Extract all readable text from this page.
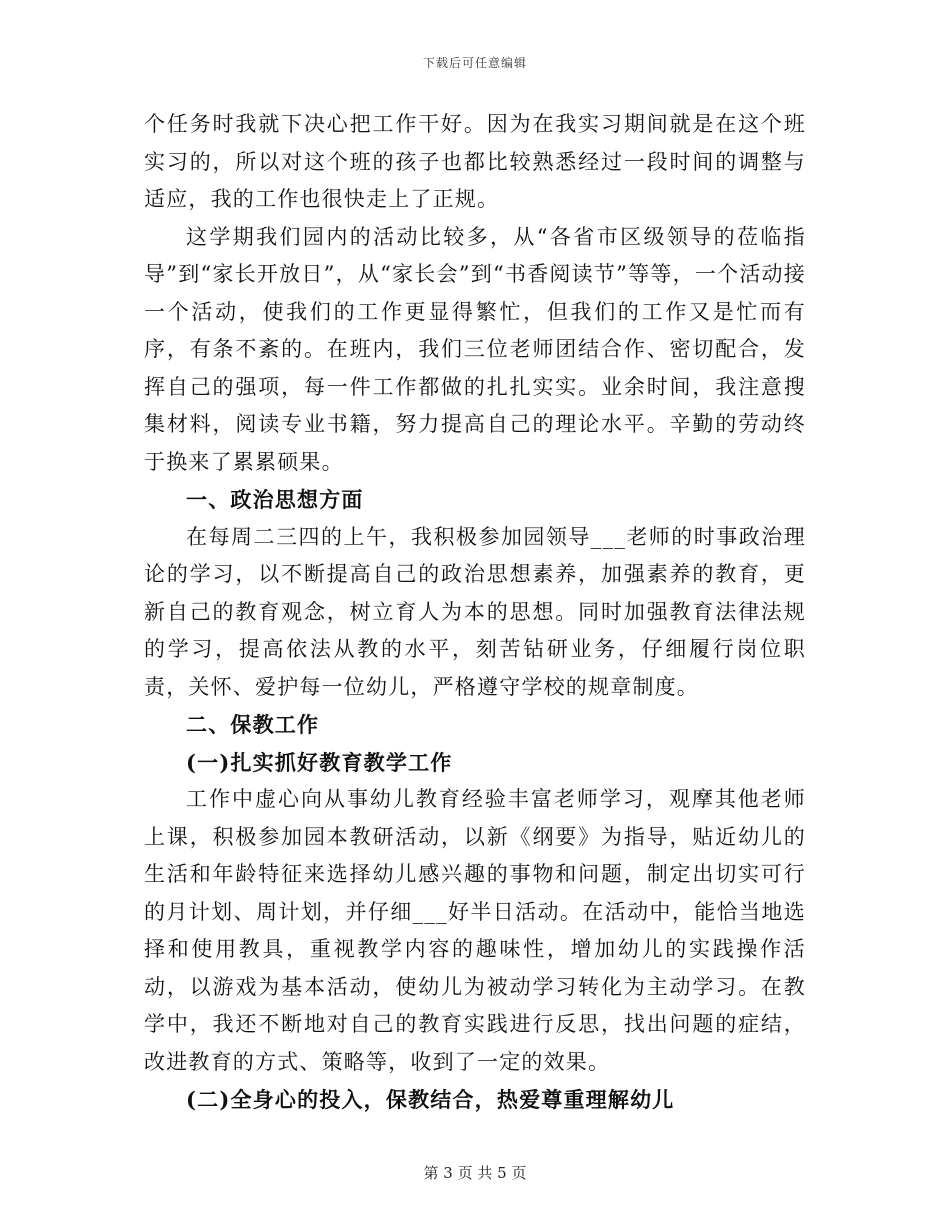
下载后可任意编辑

个任务时我就下决心把工作干好。因为在我实习期间就是在这个班实习的，所以对这个班的孩子也都比较熟悉经过一段时间的调整与适应，我的工作也很快走上了正规。

这学期我们园内的活动比较多，从“各省市区级领导的莅临指导”到“家长开放日”，从“家长会”到“书香阅读节”等等，一个活动接一个活动，使我们的工作更显得繁忙，但我们的工作又是忙而有序，有条不紊的。在班内，我们三位老师团结合作、密切配合，发挥自己的强项，每一件工作都做的扎扎实实。业余时间，我注意搜集材料，阅读专业书籍，努力提高自己的理论水平。辛勤的劳动终于换来了累累硕果。

一、政治思想方面

在每周二三四的上午，我积极参加园领导___老师的时事政治理论的学习，以不断提高自己的政治思想素养，加强素养的教育，更新自己的教育观念，树立育人为本的思想。同时加强教育法律法规的学习，提高依法从教的水平，刻苦钻研业务，仔细履行岗位职责，关怀、爱护每一位幼儿，严格遵守学校的规章制度。

二、保教工作

(一)扎实抓好教育教学工作

工作中虚心向从事幼儿教育经验丰富老师学习，观摩其他老师上课，积极参加园本教研活动，以新《纲要》为指导，贴近幼儿的生活和年龄特征来选择幼儿感兴趣的事物和问题，制定出切实可行的月计划、周计划，并仔细___好半日活动。在活动中，能恰当地选择和使用教具，重视教学内容的趣味性，增加幼儿的实践操作活动，以游戏为基本活动，使幼儿为被动学习转化为主动学习。在教学中，我还不断地对自己的教育实践进行反思，找出问题的症结，改进教育的方式、策略等，收到了一定的效果。

(二)全身心的投入，保教结合，热爱尊重理解幼儿

第 3 页 共 5 页
